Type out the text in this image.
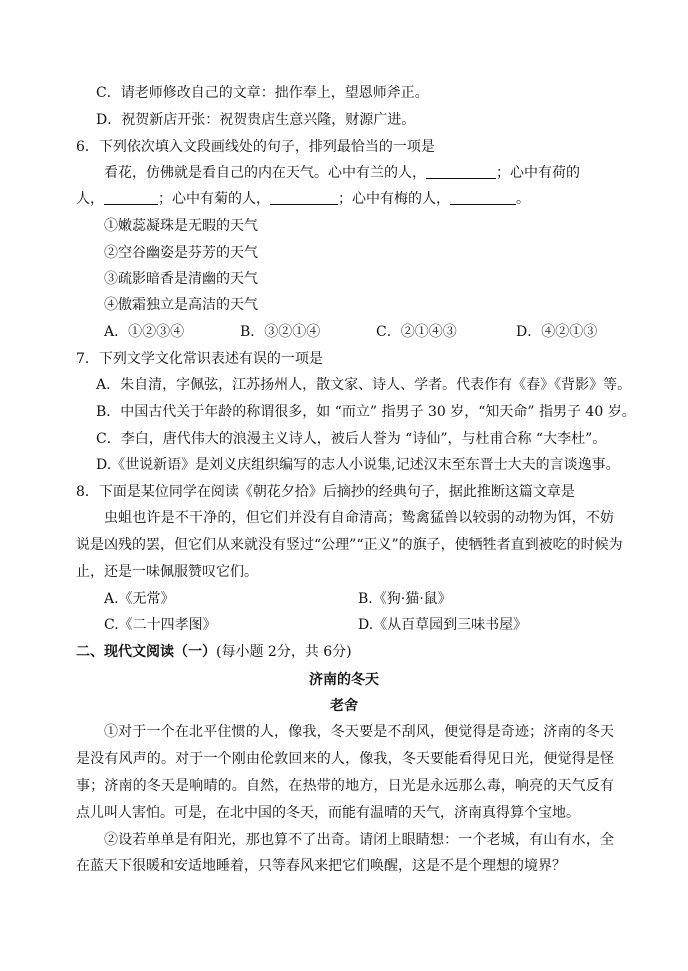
C．请老师修改自己的文章：拙作奉上，望恩师斧正。
D．祝贺新店开张：祝贺贵店生意兴隆，财源广进。
6．下列依次填入文段画线处的句子，排列最恰当的一项是
看花，仿佛就是看自己的内在天气。心中有兰的人，	；心中有荷的
人，	；心中有菊的人，	；心中有梅的人，	。
①嫩蕊凝珠是无暇的天气
②空谷幽姿是芬芳的天气
③疏影暗香是清幽的天气
④傲霜独立是高洁的天气
A．①②③④	B．③②①④	C．②①④③	D．④②①③
7．下列文学文化常识表述有误的一项是
A．朱自清，字佩弦，江苏扬州人，散文家、诗人、学者。代表作有《春》《背影》等。
B．中国古代关于年龄的称谓很多，如 “而立” 指男子 30 岁，“知天命” 指男子 40 岁。
C．李白，唐代伟大的浪漫主义诗人，被后人誉为 “诗仙”，与杜甫合称 “大李杜”。
D.《世说新语》是刘义庆组织编写的志人小说集,记述汉末至东晋士大夫的言谈逸事。
8．下面是某位同学在阅读《朝花夕拾》后摘抄的经典句子，据此推断这篇文章是
虫蛆也许是不干净的，但它们并没有自命清高；鸷禽猛兽以较弱的动物为饵，不妨
说是凶残的罢，但它们从来就没有竖过“公理”“正义”的旗子，使牺牲者直到被吃的时候为
止，还是一味佩服赞叹它们。
A.《无常》	B.《狗·猫·鼠》
C.《二十四孝图》	D.《从百草园到三味书屋》
二、现代文阅读（一）(每小题 2分，共 6分)
济南的冬天
老舍
①对于一个在北平住惯的人，像我，冬天要是不刮风，便觉得是奇迹；济南的冬天
是没有风声的。对于一个刚由伦敦回来的人，像我，冬天要能看得见日光，便觉得是怪
事；济南的冬天是响晴的。自然，在热带的地方，日光是永远那么毒，响亮的天气反有
点儿叫人害怕。可是，在北中国的冬天，而能有温晴的天气，济南真得算个宝地。
②设若单单是有阳光，那也算不了出奇。请闭上眼睛想：一个老城，有山有水，全
在蓝天下很暖和安适地睡着，只等春风来把它们唤醒，这是不是个理想的境界？
